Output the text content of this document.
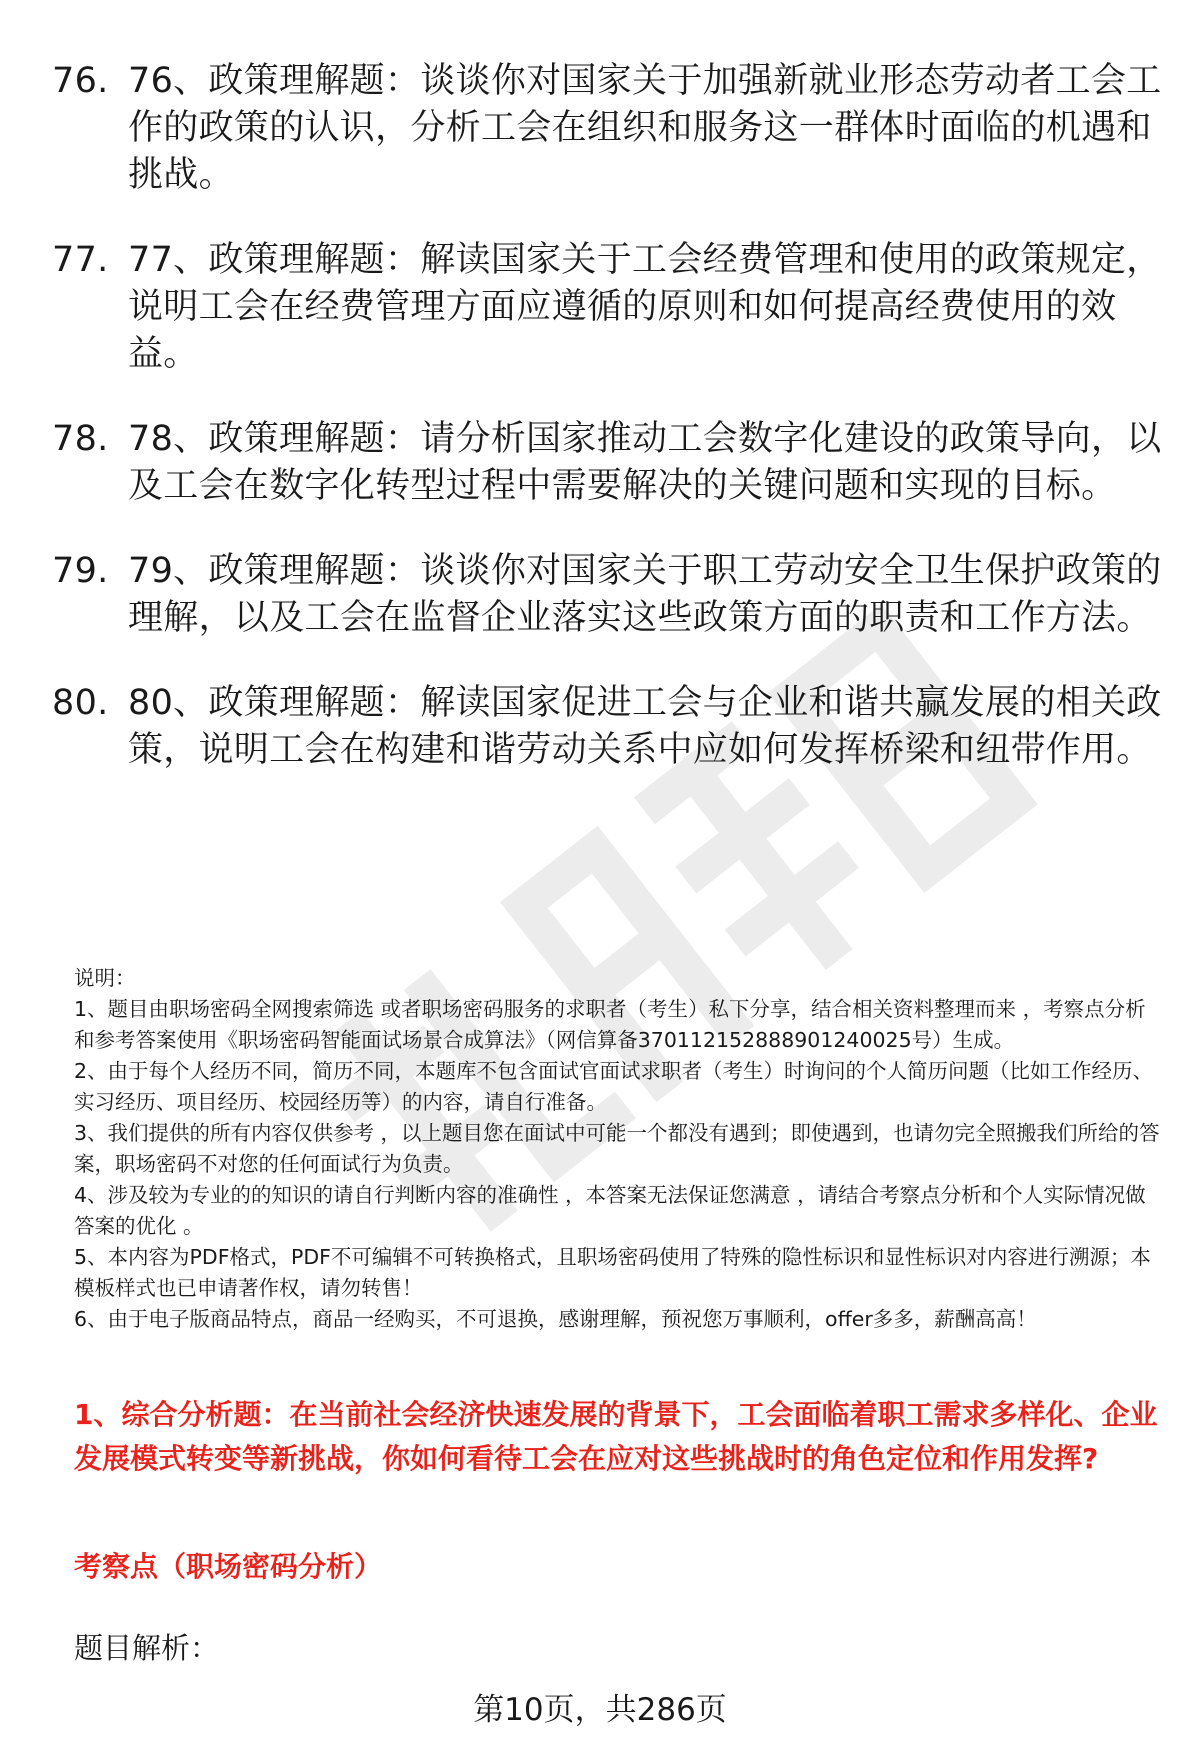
76. 76、政策理解题：谈谈你对国家关于加强新就业形态劳动者工会工作的政策的认识，分析工会在组织和服务这一群体时面临的机遇和挑战。
77. 77、政策理解题：解读国家关于工会经费管理和使用的政策规定，说明工会在经费管理方面应遵循的原则和如何提高经费使用的效益。
78. 78、政策理解题：请分析国家推动工会数字化建设的政策导向，以及工会在数字化转型过程中需要解决的关键问题和实现的目标。
79. 79、政策理解题：谈谈你对国家关于职工劳动安全卫生保护政策的理解，以及工会在监督企业落实这些政策方面的职责和工作方法。
80. 80、政策理解题：解读国家促进工会与企业和谐共赢发展的相关政策，说明工会在构建和谐劳动关系中应如何发挥桥梁和纽带作用。

说明：

1、题目由职场密码全网搜索筛选 或者职场密码服务的求职者（考生）私下分享，结合相关资料整理而来 ，考察点分析和参考答案使用《职场密码智能面试场景合成算法》（网信算备370112152888901240025号）生成。

2、由于每个人经历不同，简历不同，本题库不包含面试官面试求职者（考生）时询问的个人简历问题（比如工作经历、实习经历、项目经历、校园经历等）的内容，请自行准备。

3、我们提供的所有内容仅供参考 ，以上题目您在面试中可能一个都没有遇到；即使遇到，也请勿完全照搬我们所给的答案，职场密码不对您的任何面试行为负责。

4、涉及较为专业的的知识的请自行判断内容的准确性 ，本答案无法保证您满意 ，请结合考察点分析和个人实际情况做答案的优化 。

5、本内容为PDF格式，PDF不可编辑不可转换格式，且职场密码使用了特殊的隐性标识和显性标识对内容进行溯源；本模板样式也已申请著作权，请勿转售！

6、由于电子版商品特点，商品一经购买，不可退换，感谢理解，预祝您万事顺利，offer多多，薪酬高高！

1、综合分析题：在当前社会经济快速发展的背景下，工会面临着职工需求多样化、企业发展模式转变等新挑战，你如何看待工会在应对这些挑战时的角色定位和作用发挥?

考察点（职场密码分析）

题目解析：

第10页，共286页
